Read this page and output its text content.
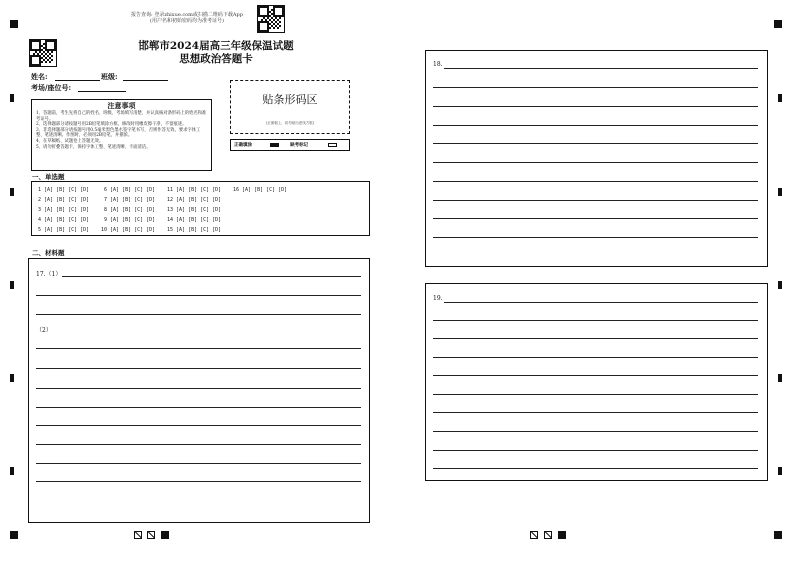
报告查询: 登录zhixue.com或扫描二维码下载App
(用户名和初始密码均为准考证号)
邯郸市2024届高三年级保温试题
思想政治答题卡
姓名:	班级:
考场/座位号:
注意事项
1、答题前，考生先将自己的姓名、班级、考场填写清楚，并认真核对条形码上的姓名和准考证号。
2、选择题部分请按题号用2B铅笔填涂方框，修改时用橡皮擦干净，不留痕迹。
3、非选择题部分请按题号用0.5毫米黑色墨水签字笔书写，否则作答无效。要求字体工整、笔迹清晰。作图时，必须用2B铅笔，并描浓。
4、在草稿纸、试题卷上答题无效。
5、请勿折叠答题卡，保持字体工整、笔迹清晰、卡面清洁。
贴条形码区
(正面朝上，切勿贴出虚线方框)
正确填涂	缺考标记
一、单选题
1 [A] [B] [C] [D]
2 [A] [B] [C] [D]
3 [A] [B] [C] [D]
4 [A] [B] [C] [D]
5 [A] [B] [C] [D]
6 [A] [B] [C] [D]
7 [A] [B] [C] [D]
8 [A] [B] [C] [D]
9 [A] [B] [C] [D]
10 [A] [B] [C] [D]
11 [A] [B] [C] [D]
12 [A] [B] [C] [D]
13 [A] [B] [C] [D]
14 [A] [B] [C] [D]
15 [A] [B] [C] [D]
16 [A] [B] [C] [D]
二、材料题
17.（1）
（2）
18.
19.
